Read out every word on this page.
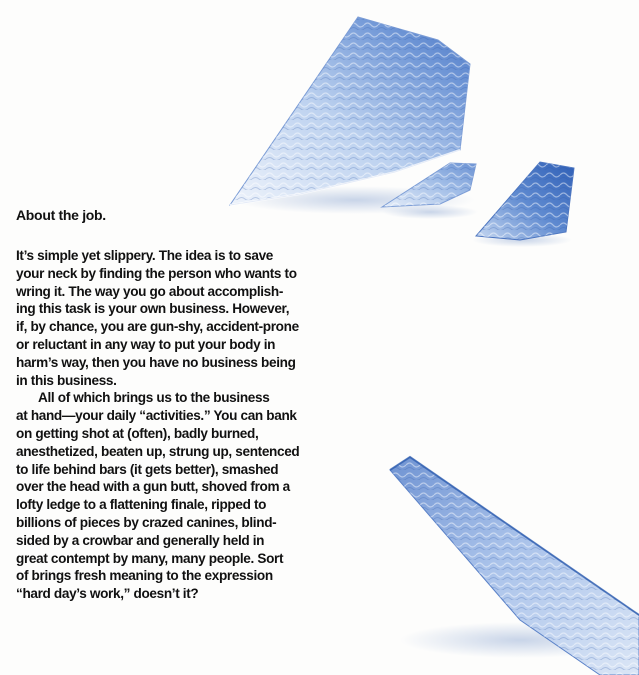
About the job.
It’s simple yet slippery. The idea is to save
your neck by finding the person who wants to
wring it. The way you go about accomplish-
ing this task is your own business. However,
if, by chance, you are gun-shy, accident-prone
or reluctant in any way to put your body in
harm’s way, then you have no business being
in this business.
All of which brings us to the business
at hand—your daily “activities.” You can bank
on getting shot at (often), badly burned,
anesthetized, beaten up, strung up, sentenced
to life behind bars (it gets better), smashed
over the head with a gun butt, shoved from a
lofty ledge to a flattening finale, ripped to
billions of pieces by crazed canines, blind-
sided by a crowbar and generally held in
great contempt by many, many people. Sort
of brings fresh meaning to the expression
“hard day’s work,” doesn’t it?
